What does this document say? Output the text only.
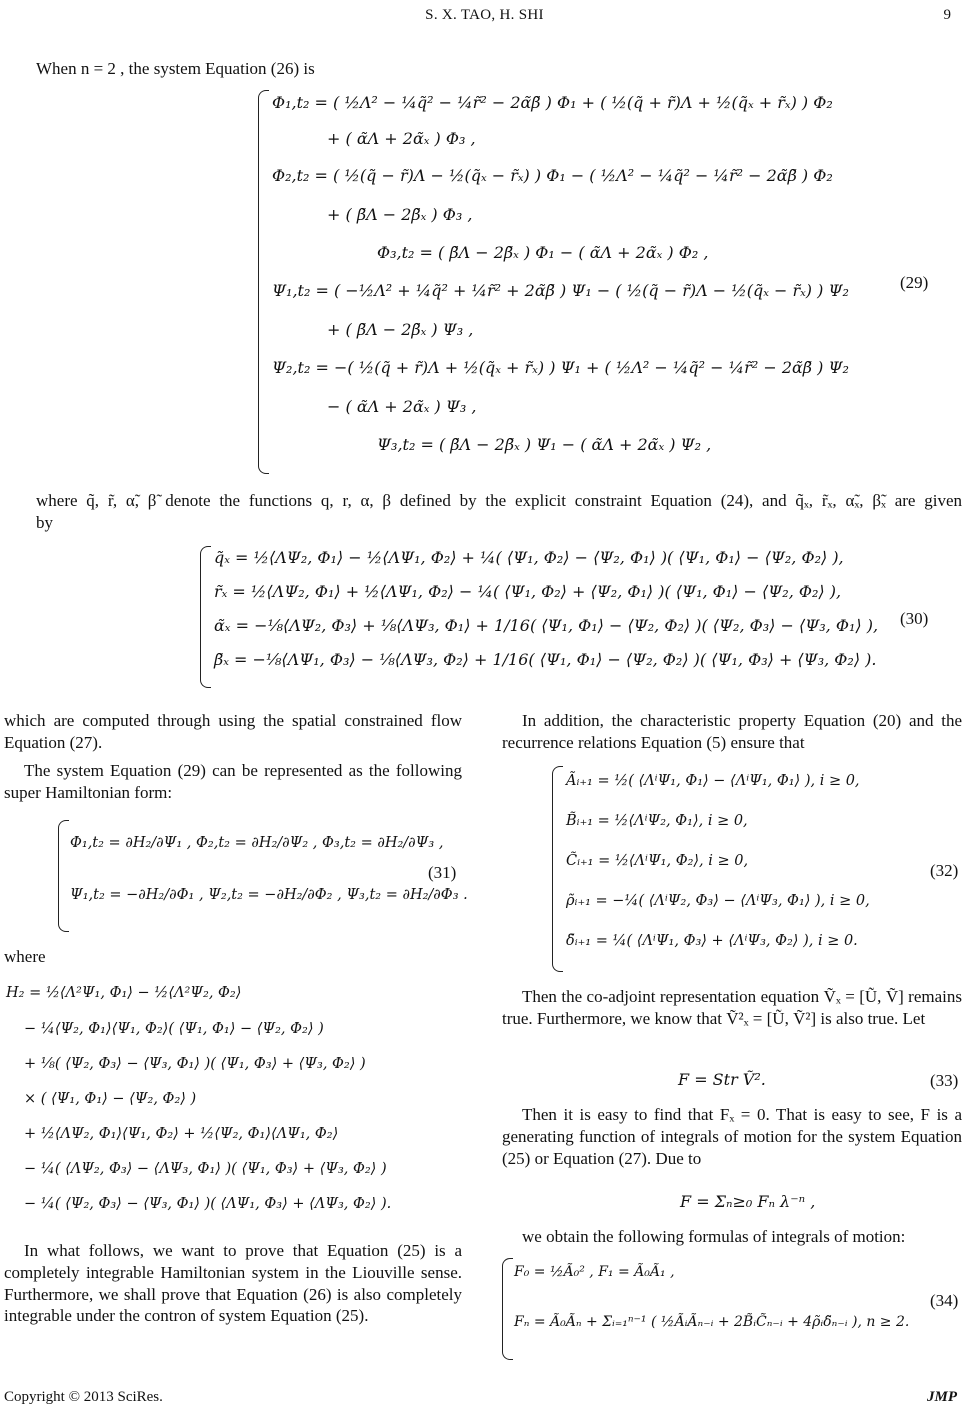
S. X. TAO, H. SHI	9
When n = 2 , the system Equation (26) is
Φ₁,t₂ = ( ½Λ² − ¼q̃² − ¼r̃² − 2α̃β̃ ) Φ₁ + ( ½(q̃ + r̃)Λ + ½(q̃ₓ + r̃ₓ) ) Φ₂
+ ( α̃Λ + 2α̃ₓ ) Φ₃ ,
Φ₂,t₂ = ( ½(q̃ − r̃)Λ − ½(q̃ₓ − r̃ₓ) ) Φ₁ − ( ½Λ² − ¼q̃² − ¼r̃² − 2α̃β̃ ) Φ₂
+ ( β̃Λ − 2β̃ₓ ) Φ₃ ,
Φ₃,t₂ = ( β̃Λ − 2β̃ₓ ) Φ₁ − ( α̃Λ + 2α̃ₓ ) Φ₂ ,
Ψ₁,t₂ = ( −½Λ² + ¼q̃² + ¼r̃² + 2α̃β̃ ) Ψ₁ − ( ½(q̃ − r̃)Λ − ½(q̃ₓ − r̃ₓ) ) Ψ₂
+ ( β̃Λ − 2β̃ₓ ) Ψ₃ ,
Ψ₂,t₂ = −( ½(q̃ + r̃)Λ + ½(q̃ₓ + r̃ₓ) ) Ψ₁ + ( ½Λ² − ¼q̃² − ¼r̃² − 2α̃β̃ ) Ψ₂
− ( α̃Λ + 2α̃ₓ ) Ψ₃ ,
Ψ₃,t₂ = ( β̃Λ − 2β̃ₓ ) Ψ₁ − ( α̃Λ + 2α̃ₓ ) Ψ₂ ,
(29)
where q̃, r̃, α̃, β̃ denote the functions q, r, α, β defined by the explicit constraint Equation (24), and q̃ₓ, r̃ₓ, α̃ₓ, β̃ₓ are given by
q̃ₓ = ½⟨ΛΨ₂, Φ₁⟩ − ½⟨ΛΨ₁, Φ₂⟩ + ¼( ⟨Ψ₁, Φ₂⟩ − ⟨Ψ₂, Φ₁⟩ )( ⟨Ψ₁, Φ₁⟩ − ⟨Ψ₂, Φ₂⟩ ),
r̃ₓ = ½⟨ΛΨ₂, Φ₁⟩ + ½⟨ΛΨ₁, Φ₂⟩ − ¼( ⟨Ψ₁, Φ₂⟩ + ⟨Ψ₂, Φ₁⟩ )( ⟨Ψ₁, Φ₁⟩ − ⟨Ψ₂, Φ₂⟩ ),
α̃ₓ = −⅛⟨ΛΨ₂, Φ₃⟩ + ⅛⟨ΛΨ₃, Φ₁⟩ + 1/16( ⟨Ψ₁, Φ₁⟩ − ⟨Ψ₂, Φ₂⟩ )( ⟨Ψ₂, Φ₃⟩ − ⟨Ψ₃, Φ₁⟩ ),
β̃ₓ = −⅛⟨ΛΨ₁, Φ₃⟩ − ⅛⟨ΛΨ₃, Φ₂⟩ + 1/16( ⟨Ψ₁, Φ₁⟩ − ⟨Ψ₂, Φ₂⟩ )( ⟨Ψ₁, Φ₃⟩ + ⟨Ψ₃, Φ₂⟩ ).
(30)
which are computed through using the spatial constrained flow Equation (27).
The system Equation (29) can be represented as the following super Hamiltonian form:
Φ₁,t₂ = ∂H₂/∂Ψ₁ , Φ₂,t₂ = ∂H₂/∂Ψ₂ , Φ₃,t₂ = ∂H₂/∂Ψ₃ ,
Ψ₁,t₂ = −∂H₂/∂Φ₁ , Ψ₂,t₂ = −∂H₂/∂Φ₂ , Ψ₃,t₂ = ∂H₂/∂Φ₃ .
(31)
where
H₂ = ½⟨Λ²Ψ₁, Φ₁⟩ − ½⟨Λ²Ψ₂, Φ₂⟩
− ¼⟨Ψ₂, Φ₁⟩⟨Ψ₁, Φ₂⟩( ⟨Ψ₁, Φ₁⟩ − ⟨Ψ₂, Φ₂⟩ )
+ ⅛( ⟨Ψ₂, Φ₃⟩ − ⟨Ψ₃, Φ₁⟩ )( ⟨Ψ₁, Φ₃⟩ + ⟨Ψ₃, Φ₂⟩ )
× ( ⟨Ψ₁, Φ₁⟩ − ⟨Ψ₂, Φ₂⟩ )
+ ½⟨ΛΨ₂, Φ₁⟩⟨Ψ₁, Φ₂⟩ + ½⟨Ψ₂, Φ₁⟩⟨ΛΨ₁, Φ₂⟩
− ¼( ⟨ΛΨ₂, Φ₃⟩ − ⟨ΛΨ₃, Φ₁⟩ )( ⟨Ψ₁, Φ₃⟩ + ⟨Ψ₃, Φ₂⟩ )
− ¼( ⟨Ψ₂, Φ₃⟩ − ⟨Ψ₃, Φ₁⟩ )( ⟨ΛΨ₁, Φ₃⟩ + ⟨ΛΨ₃, Φ₂⟩ ).
In what follows, we want to prove that Equation (25) is a completely integrable Hamiltonian system in the Liouville sense. Furthermore, we shall prove that Equation (26) is also completely integrable under the contron of system Equation (25).
In addition, the characteristic property Equation (20) and the recurrence relations Equation (5) ensure that
Ãᵢ₊₁ = ½( ⟨ΛⁱΨ₁, Φ₁⟩ − ⟨ΛⁱΨ₁, Φ₁⟩ ), i ≥ 0,
B̃ᵢ₊₁ = ½⟨ΛⁱΨ₂, Φ₁⟩, i ≥ 0,
C̃ᵢ₊₁ = ½⟨ΛⁱΨ₁, Φ₂⟩, i ≥ 0,
ρ̃ᵢ₊₁ = −¼( ⟨ΛⁱΨ₂, Φ₃⟩ − ⟨ΛⁱΨ₃, Φ₁⟩ ), i ≥ 0,
δ̃ᵢ₊₁ = ¼( ⟨ΛⁱΨ₁, Φ₃⟩ + ⟨ΛⁱΨ₃, Φ₂⟩ ), i ≥ 0.
(32)
Then the co-adjoint representation equation Ṽₓ = [Ũ, Ṽ] remains true. Furthermore, we know that Ṽ²ₓ = [Ũ, Ṽ²] is also true. Let
F = Str Ṽ².	(33)
Then it is easy to find that Fₓ = 0. That is easy to see, F is a generating function of integrals of motion for the system Equation (25) or Equation (27). Due to
F = Σₙ≥₀ Fₙ λ⁻ⁿ ,
we obtain the following formulas of integrals of motion:
F₀ = ½Ã₀² , F₁ = Ã₀Ã₁ ,
Fₙ = Ã₀Ãₙ + Σᵢ₌₁ⁿ⁻¹ ( ½ÃᵢÃₙ₋ᵢ + 2B̃ᵢC̃ₙ₋ᵢ + 4ρ̃ᵢδ̃ₙ₋ᵢ ), n ≥ 2.
(34)
Copyright © 2013 SciRes.	JMP
